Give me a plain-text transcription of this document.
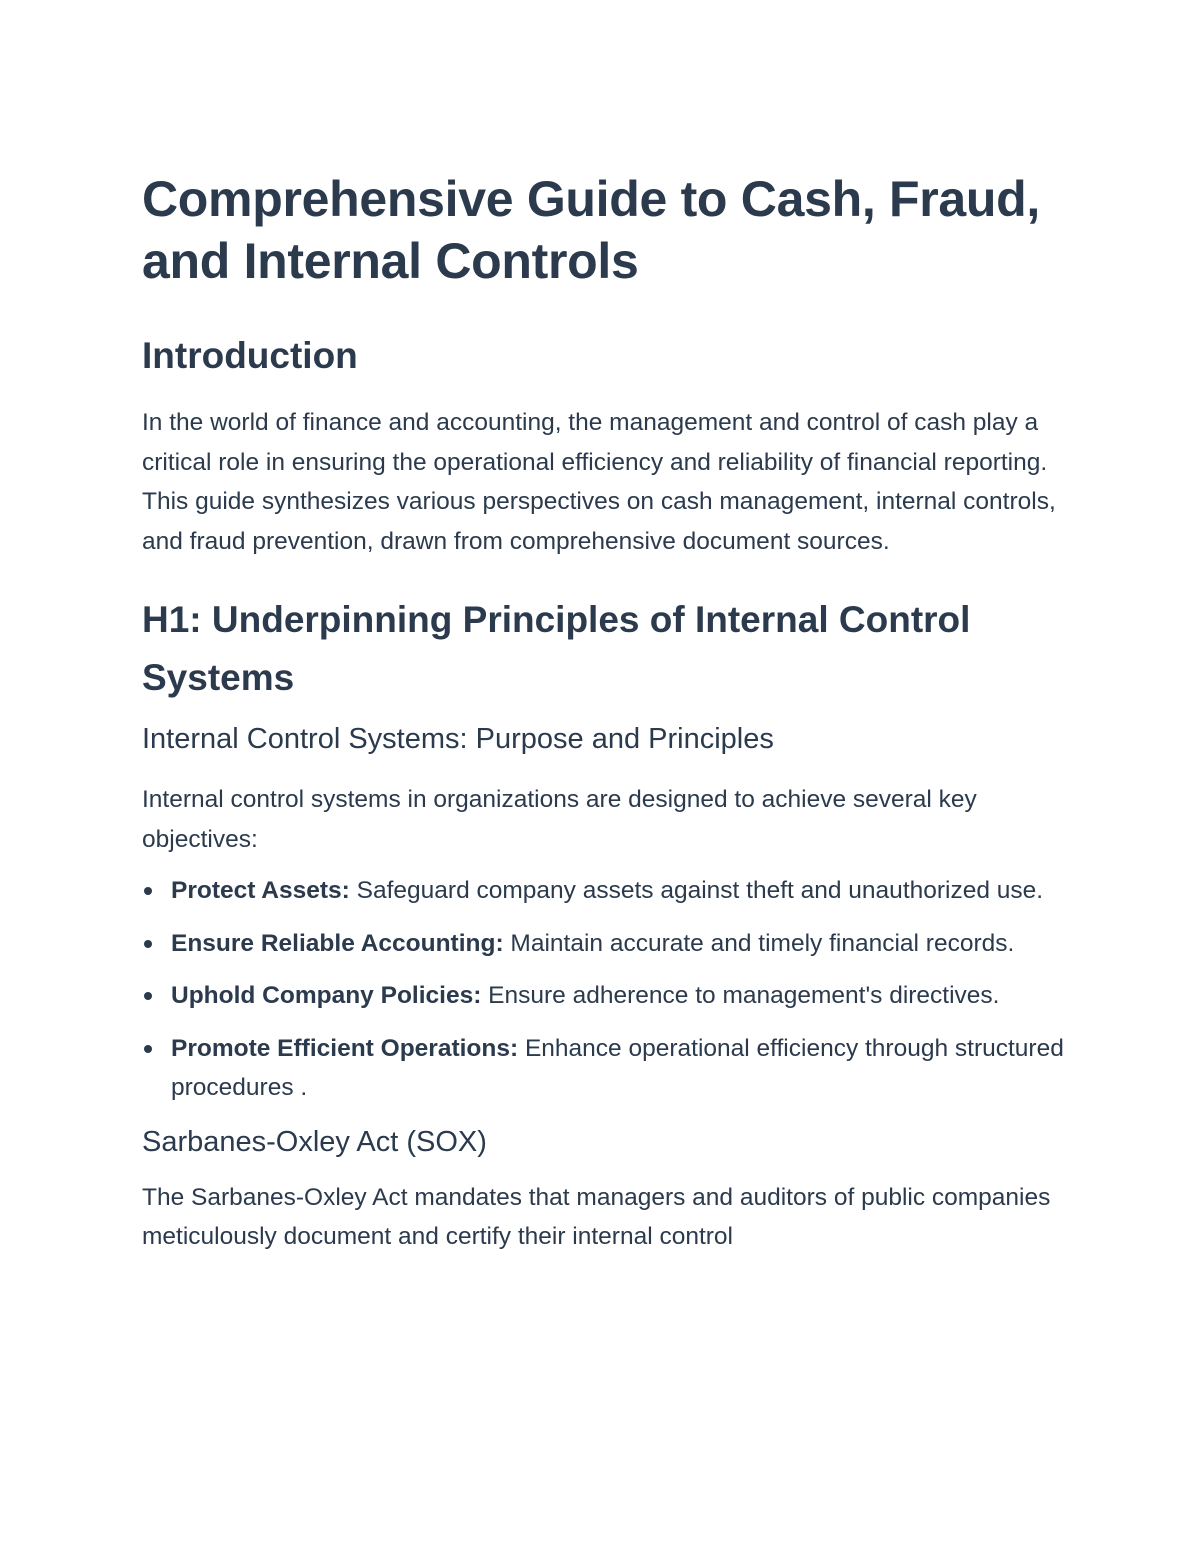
Comprehensive Guide to Cash, Fraud, and Internal Controls
Introduction

In the world of finance and accounting, the management and control of cash play a critical role in ensuring the operational efficiency and reliability of financial reporting. This guide synthesizes various perspectives on cash management, internal controls, and fraud prevention, drawn from comprehensive document sources.

H1: Underpinning Principles of Internal Control Systems
Internal Control Systems: Purpose and Principles

Internal control systems in organizations are designed to achieve several key objectives:

Protect Assets: Safeguard company assets against theft and unauthorized use.
Ensure Reliable Accounting: Maintain accurate and timely financial records.
Uphold Company Policies: Ensure adherence to management's directives.
Promote Efficient Operations: Enhance operational efficiency through structured procedures .
Sarbanes-Oxley Act (SOX)

The Sarbanes-Oxley Act mandates that managers and auditors of public companies meticulously document and certify their internal control
